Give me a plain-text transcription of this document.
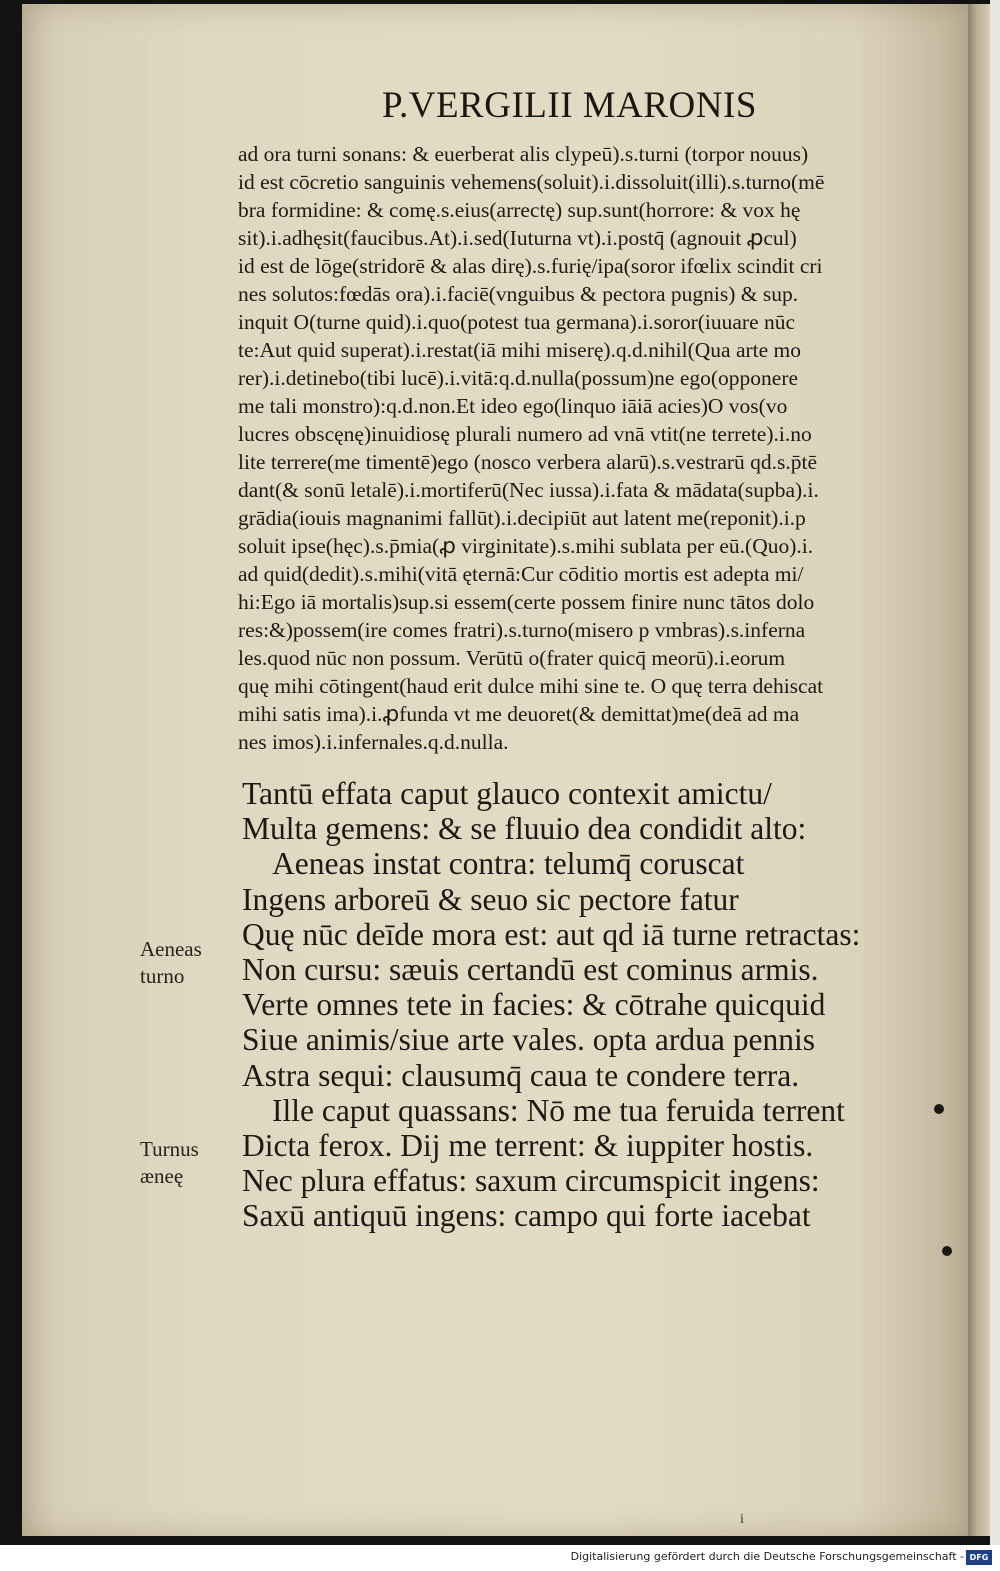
P.VERGILII MARONIS
ad ora turni sonans: & euerberat alis clypeū).s.turni (torpor nouus)
id est cōcretio sanguinis vehemens(soluit).i.dissoluit(illi).s.turno(mē
bra formidine: & comę.s.eius(arrectę) sup.sunt(horrore: & vox hę
sit).i.adhęsit(faucibus.At).i.sed(Iuturna vt).i.postq̄ (agnouit ꝓcul)
id est de lōge(stridorē & alas dirę).s.furię/ipa(soror ifœlix scindit cri
nes solutos:fœdās ora).i.faciē(vnguibus & pectora pugnis) & sup.
inquit O(turne quid).i.quo(potest tua germana).i.soror(iuuare nūc
te:Aut quid superat).i.restat(iā mihi miserę).q.d.nihil(Qua arte mo
rer).i.detinebo(tibi lucē).i.vitā:q.d.nulla(possum)ne ego(opponere
me tali monstro):q.d.non.Et ideo ego(linquo iāiā acies)O vos(vo
lucres obscęnę)inuidiosę plurali numero ad vnā vtit(ne terrete).i.no
lite terrere(me timentē)ego (nosco verbera alarū).s.vestrarū qd.s.p̄tē
dant(& sonū letalē).i.mortiferū(Nec iussa).i.fata & mādata(supba).i.
grādia(iouis magnanimi fallūt).i.decipiūt aut latent me(reponit).i.p
soluit ipse(hęc).s.p̄mia(ꝓ virginitate).s.mihi sublata per eū.(Quo).i.
ad quid(dedit).s.mihi(vitā ęternā:Cur cōditio mortis est adepta mi/
hi:Ego iā mortalis)sup.si essem(certe possem finire nunc tātos dolo
res:&)possem(ire comes fratri).s.turno(misero p vmbras).s.inferna
les.quod nūc non possum. Verūtū o(frater quicq̄ meorū).i.eorum
quę mihi cōtingent(haud erit dulce mihi sine te. O quę terra dehiscat
mihi satis ima).i.ꝓfunda vt me deuoret(& demittat)me(deā ad ma
nes imos).i.infernales.q.d.nulla.
Tantū effata caput glauco contexit amictu/
Multa gemens: & se fluuio dea condidit alto:
Aeneas instat contra: telumq̄ coruscat
Ingens arboreū & seuo sic pectore fatur
Quę nūc deīde mora est: aut qd iā turne retractas:
Non cursu: sæuis certandū est cominus armis.
Verte omnes tete in facies: & cōtrahe quicquid
Siue animis/siue arte vales. opta ardua pennis
Astra sequi: clausumq̄ caua te condere terra.
Ille caput quassans: Nō me tua feruida terrent
Dicta ferox. Dij me terrent: & iuppiter hostis.
Nec plura effatus: saxum circumspicit ingens:
Saxū antiquū ingens: campo qui forte iacebat
Aeneas
turno
Turnus
æneę
i
Digitalisierung gefördert durch die Deutsche Forschungsgemeinschaft - DFG
